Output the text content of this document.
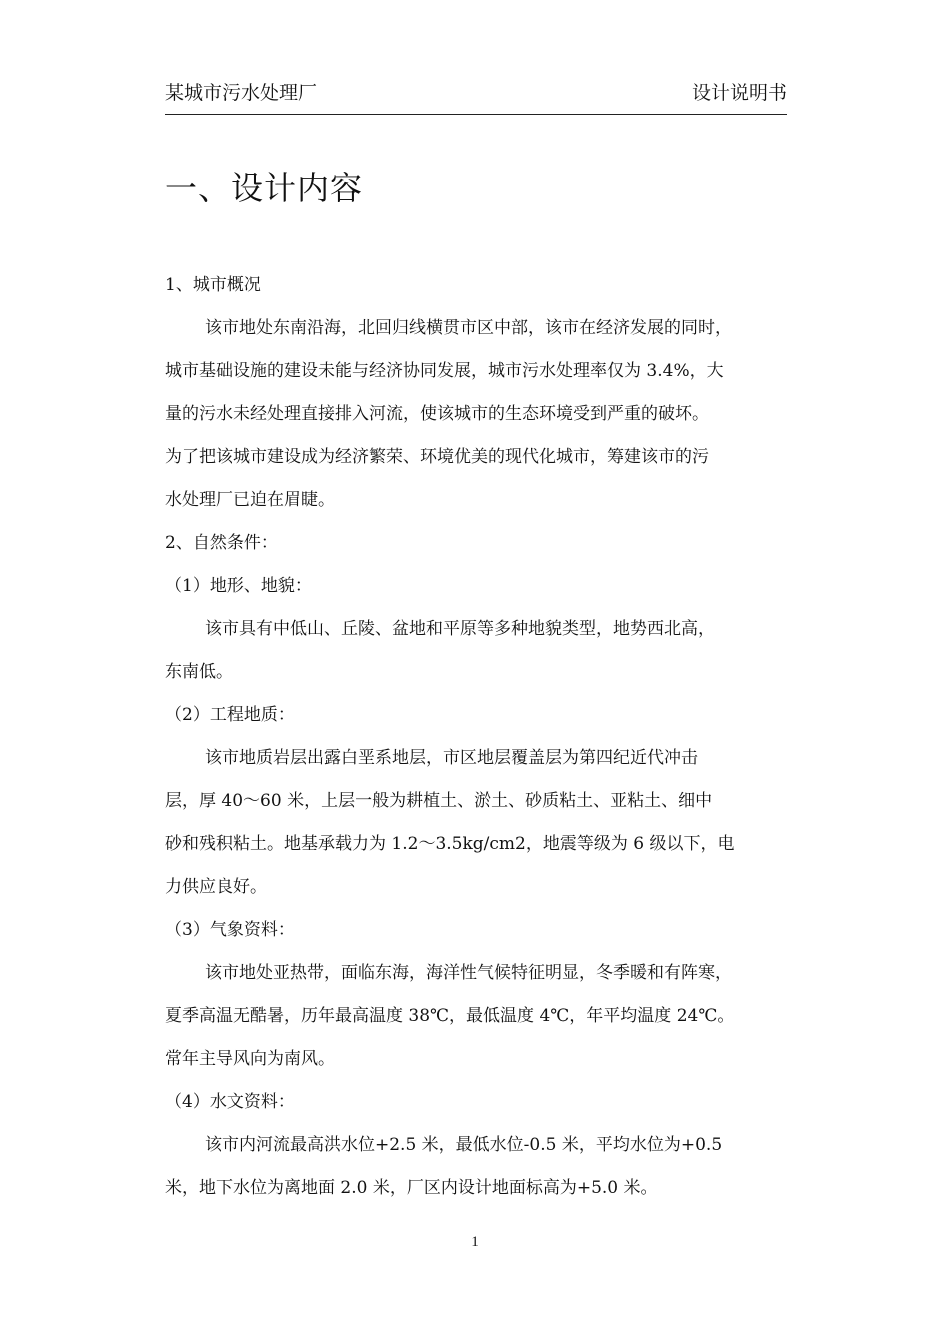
某城市污水处理厂	设计说明书
一、设计内容
1、城市概况
该市地处东南沿海，北回归线横贯市区中部，该市在经济发展的同时，
城市基础设施的建设未能与经济协同发展，城市污水处理率仅为 3.4%，大
量的污水未经处理直接排入河流，使该城市的生态环境受到严重的破坏。
为了把该城市建设成为经济繁荣、环境优美的现代化城市，筹建该市的污
水处理厂已迫在眉睫。
2、自然条件：
（1）地形、地貌：
该市具有中低山、丘陵、盆地和平原等多种地貌类型，地势西北高，
东南低。
（2）工程地质：
该市地质岩层出露白垩系地层，市区地层覆盖层为第四纪近代冲击
层，厚 40～60 米，上层一般为耕植土、淤土、砂质粘土、亚粘土、细中
砂和残积粘土。地基承载力为 1.2～3.5kg/cm2，地震等级为 6 级以下，电
力供应良好。
（3）气象资料：
该市地处亚热带，面临东海，海洋性气候特征明显，冬季暖和有阵寒，
夏季高温无酷暑，历年最高温度 38℃，最低温度 4℃，年平均温度 24℃。
常年主导风向为南风。
（4）水文资料：
该市内河流最高洪水位+2.5 米，最低水位-0.5 米，平均水位为+0.5
米，地下水位为离地面 2.0 米，厂区内设计地面标高为+5.0 米。
1
